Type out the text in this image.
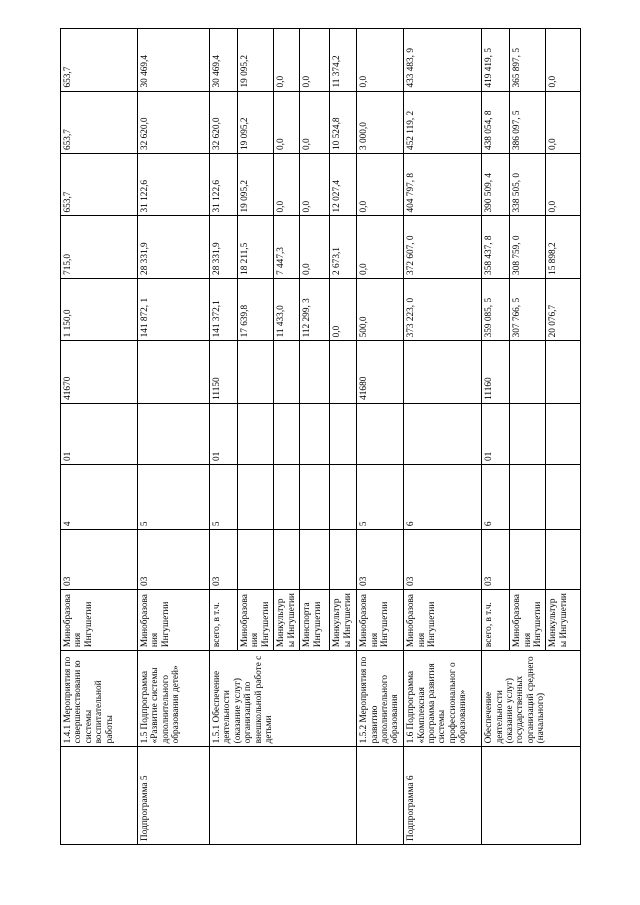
	1.4.1 Мероприятия по совершенствовани ю системы воспитательной работы	Минобразова ния Ингушетии	03	4	01	41670	1 150,0	715,0	653,7	653,7	653,7
Подпрограмма 5	1.5 Подпрограмма «Развитие системы дополнительного образования детей»	Минобразова ния Ингушетии	03	5			141 872, 1	28 331,9	31 122,6	32 620,0	30 469,4
	1.5.1 Обеспечение деятельности (оказание услуг) организаций по внешкольной работе с детьми	всего, в т.ч.	03	5	01	11150	141 372,1	28 331,9	31 122,6	32 620,0	30 469,4
		Минобразова ния Ингушетии					17 639,8	18 211,5	19 095,2	19 095,2	19 095,2
		Минкультуры Ингушетии					11 433,0	7 447,3	0,0	0,0	0,0
		Минспорта Ингушетии					112 299, 3	0,0	0,0	0,0	0,0
		Минкультуры Ингушетии					0,0	2 673,1	12 027,4	10 524,8	11 374,2
	1.5.2 Мероприятия по развитию дополнительного образования	Минобразова ния Ингушетии	03	5		41680	500,0	0,0	0,0	3 000,0	0,0
Подпрограмма 6	1.6 Подпрограмма «Комплексная программа развития системы профессиональног о образования»	Минобразова ния Ингушетии	03	6			373 223, 0	372 607, 0	404 797, 8	452 119, 2	433 483, 9
	Обеспечение деятельности (оказание услуг) государственных организаций среднего (начального)	всего, в т.ч.	03	6	01	11160	359 085, 5	358 437, 8	390 509, 4	438 054, 8	419 419, 5
		Минобразова ния Ингушетии					307 766, 5	308 759, 0	338 505, 0	386 097, 5	365 897, 5
		Минкультуры Ингушетии					20 076,7	15 898,2	0,0	0,0	0,0
